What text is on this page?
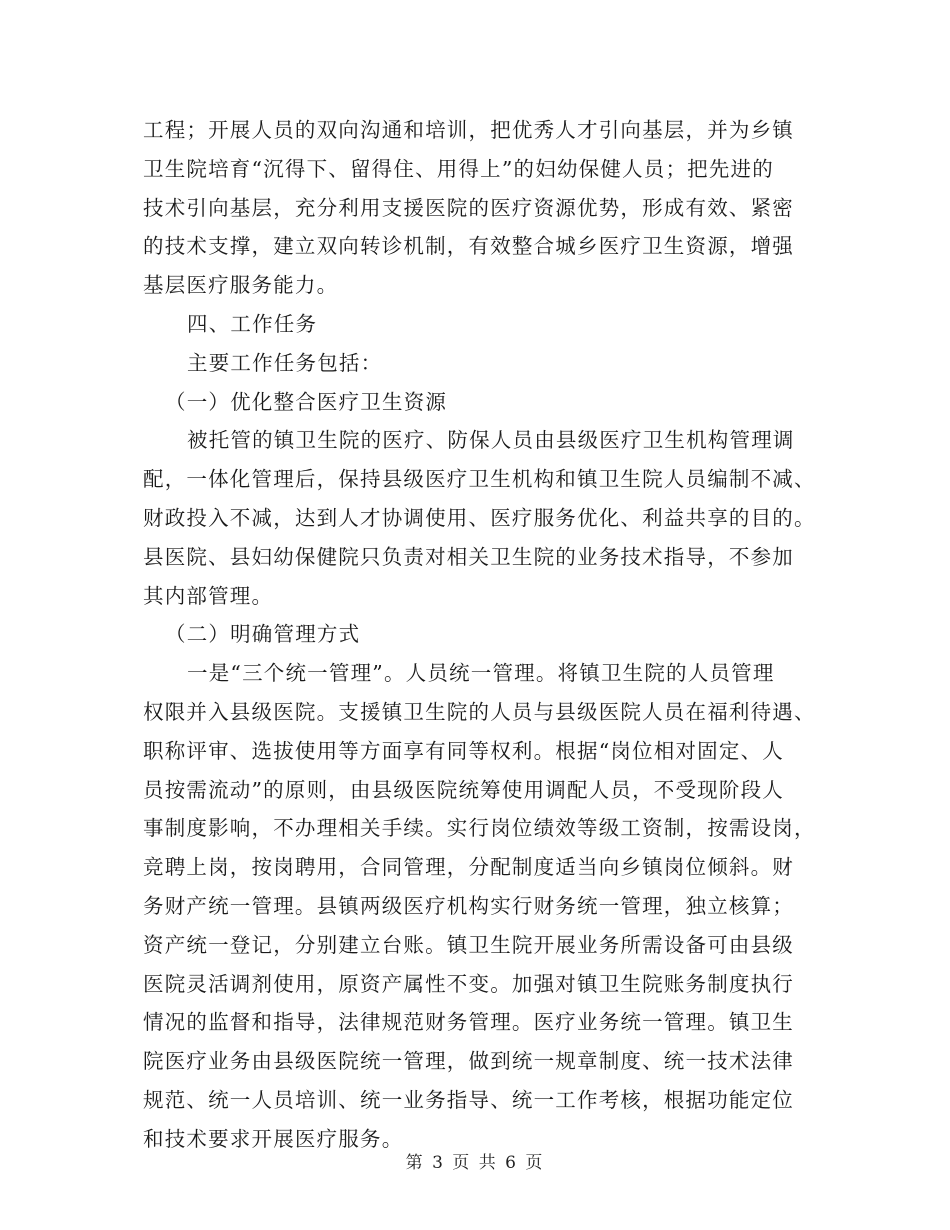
工程；开展人员的双向沟通和培训，把优秀人才引向基层，并为乡镇
卫生院培育“沉得下、留得住、用得上”的妇幼保健人员；把先进的
技术引向基层，充分利用支援医院的医疗资源优势，形成有效、紧密
的技术支撑，建立双向转诊机制，有效整合城乡医疗卫生资源，增强
基层医疗服务能力。
四、工作任务
主要工作任务包括：
（一）优化整合医疗卫生资源
被托管的镇卫生院的医疗、防保人员由县级医疗卫生机构管理调
配，一体化管理后，保持县级医疗卫生机构和镇卫生院人员编制不减、
财政投入不减，达到人才协调使用、医疗服务优化、利益共享的目的。
县医院、县妇幼保健院只负责对相关卫生院的业务技术指导，不参加
其内部管理。
（二）明确管理方式
一是“三个统一管理”。人员统一管理。将镇卫生院的人员管理
权限并入县级医院。支援镇卫生院的人员与县级医院人员在福利待遇、
职称评审、选拔使用等方面享有同等权利。根据“岗位相对固定、人
员按需流动”的原则，由县级医院统筹使用调配人员，不受现阶段人
事制度影响，不办理相关手续。实行岗位绩效等级工资制，按需设岗，
竞聘上岗，按岗聘用，合同管理，分配制度适当向乡镇岗位倾斜。财
务财产统一管理。县镇两级医疗机构实行财务统一管理，独立核算；
资产统一登记，分别建立台账。镇卫生院开展业务所需设备可由县级
医院灵活调剂使用，原资产属性不变。加强对镇卫生院账务制度执行
情况的监督和指导，法律规范财务管理。医疗业务统一管理。镇卫生
院医疗业务由县级医院统一管理，做到统一规章制度、统一技术法律
规范、统一人员培训、统一业务指导、统一工作考核，根据功能定位
和技术要求开展医疗服务。
第 3 页 共 6 页
